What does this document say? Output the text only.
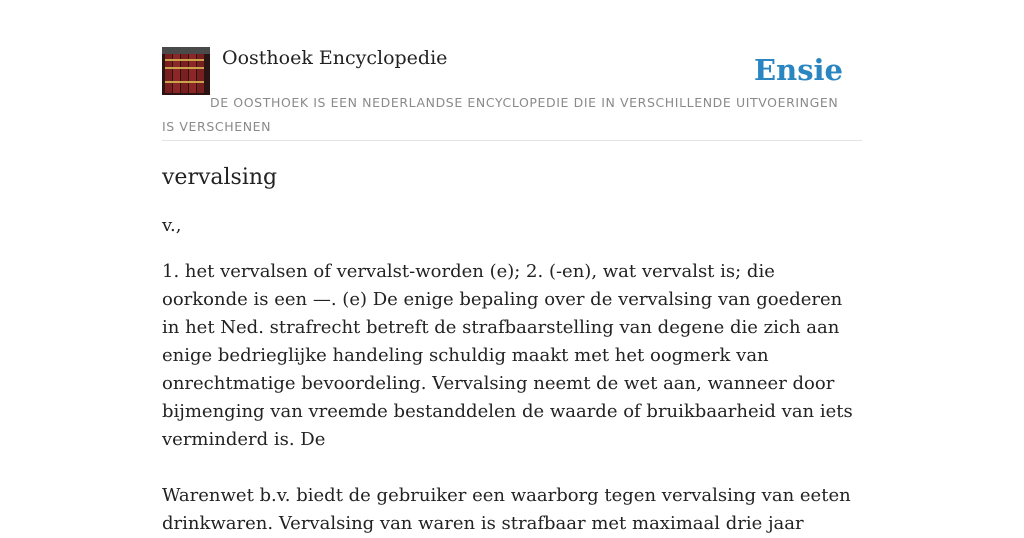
Oosthoek Encyclopedie	Ensie
DE OOSTHOEK IS EEN NEDERLANDSE ENCYCLOPEDIE DIE IN VERSCHILLENDE UITVOERINGEN IS VERSCHENEN
vervalsing

v.,

1. het vervalsen of vervalst-worden (e); 2. (-en), wat vervalst is; die oorkonde is een —. (e) De enige bepaling over de vervalsing van goederen in het Ned. strafrecht betreft de strafbaarstelling van degene die zich aan enige bedrieglijke handeling schuldig maakt met het oogmerk van onrechtmatige bevoordeling. Vervalsing neemt de wet aan, wanneer door bijmenging van vreemde bestanddelen de waarde of bruikbaarheid van iets verminderd is. De

Warenwet b.v. biedt de gebruiker een waarborg tegen vervalsing van eeten drinkwaren. Vervalsing van waren is strafbaar met maximaal drie jaar
